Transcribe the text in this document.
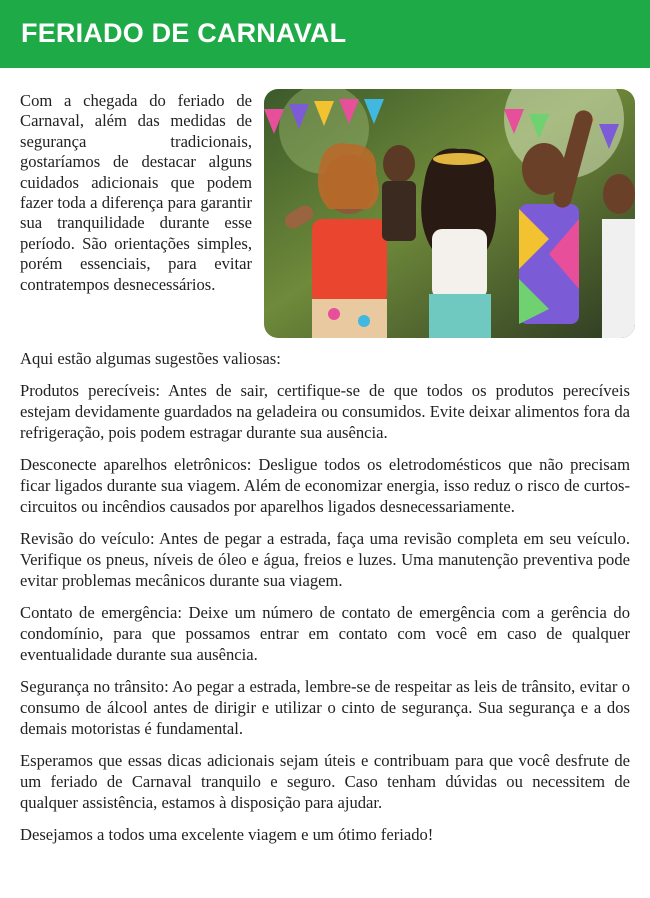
FERIADO DE CARNAVAL

Com a chegada do feriado de Carnaval, além das medidas de segurança tradicionais, gostaríamos de destacar alguns cuidados adicionais que podem fazer toda a diferença para garantir sua tranquilidade durante esse período. São orientações simples, porém essenciais, para evitar contratempos desnecessários.

Aqui estão algumas sugestões valiosas:

Produtos perecíveis: Antes de sair, certifique-se de que todos os produtos perecíveis estejam devidamente guardados na geladeira ou consumidos. Evite deixar alimentos fora da refrigeração, pois podem estragar durante sua ausência.

Desconecte aparelhos eletrônicos: Desligue todos os eletrodomésticos que não precisam ficar ligados durante sua viagem. Além de economizar energia, isso reduz o risco de curtos-circuitos ou incêndios causados por aparelhos ligados desnecessariamente.

Revisão do veículo: Antes de pegar a estrada, faça uma revisão completa em seu veículo. Verifique os pneus, níveis de óleo e água, freios e luzes. Uma manutenção preventiva pode evitar problemas mecânicos durante sua viagem.

Contato de emergência: Deixe um número de contato de emergência com a gerência do condomínio, para que possamos entrar em contato com você em caso de qualquer eventualidade durante sua ausência.

Segurança no trânsito: Ao pegar a estrada, lembre-se de respeitar as leis de trânsito, evitar o consumo de álcool antes de dirigir e utilizar o cinto de segurança. Sua segurança e a dos demais motoristas é fundamental.

Esperamos que essas dicas adicionais sejam úteis e contribuam para que você desfrute de um feriado de Carnaval tranquilo e seguro. Caso tenham dúvidas ou necessitem de qualquer assistência, estamos à disposição para ajudar.

Desejamos a todos uma excelente viagem e um ótimo feriado!
